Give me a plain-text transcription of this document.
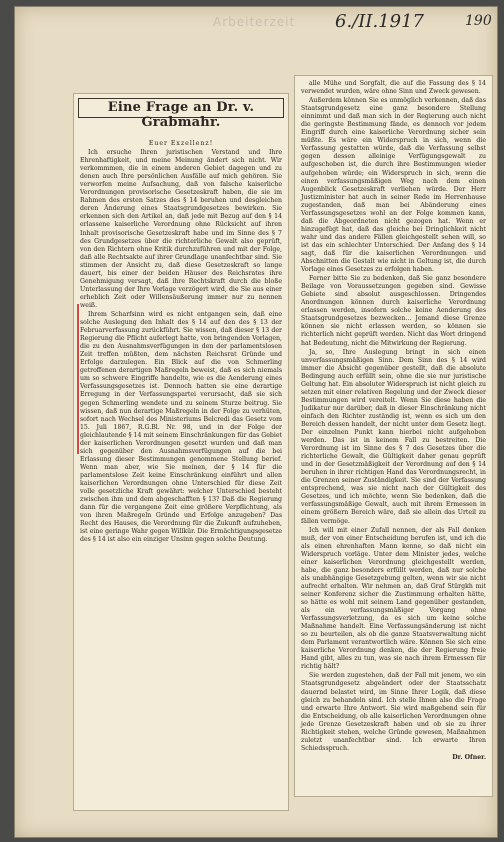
Arbeiterzeit 6./II.1917	190
Eine Frage an Dr. v. Grabmahr.

Euer Exzellenz!

Ich ersuche Ihren juristischen Verstand und Ihre Ehrenhaftigkeit, und meine Meinung ändert sich nicht. Wir verkommmen, die in einem anderen Gebiet dagegen und zu denen auch Ihre persönlichen Ausfälle auf mich gehören. Sie verworfen meine Aufsachung, daß von falsche kaiserliche Verordnungen provisorische Gesetzeskraft haben, die sie im Rahmen des ersten Satzes des § 14 beruhen und desgleichen deren Änderung eines Staatsgrundgesetzes bewirken. Sie erkennen sich den Artikel an, daß jede mit Bezug auf den § 14 erlassene kaiserliche Verordnung ohne Rücksicht auf ihren Inhalt provisorische Gesetzeskraft habe und im Sinne des § 7 des Grundgesetzes über die richterliche Gewalt also geprüft, von den Richtern ohne Kritik durchzuführen und mit der Folge, daß alle Rechtsakte auf ihrer Grundlage unanfechtbar sind. Sie stimmen der Ansicht zu, daß diese Gesetzeskraft so lange dauert, bis einer der beiden Häuser des Reichsrates ihre Genehmigung versagt, daß ihre Rechtskraft durch die bloße Unterlassung der Ihre Vorlage verzögert wird, die Sie aus einer erheblich Zeit oder Willensäußerung immer nur zu nennen weiß.

Ihrem Scharfsinn wird es nicht entgangen sein, daß eine solche Auslegung den Inhalt des § 14 auf den des § 13 der Februarverfassung zurückführt. Sie wissen, daß dieser § 13 der Regierung die Pflicht auferlegt hatte, von bringenden Vorlagen, die zu den Ausnahmsverfügungen in den der parlamentslosen Zeit treffen müßten, dem nächsten Reichsrat Gründe und Erfolge darzulegen. Ein Blick auf die von Schmerling getroffenen derartigen Maßregeln beweist, daß es sich niemals um so schwere Eingriffe handelte, wie es die Aenderung eines Verfassungsgesetzes ist. Dennoch hatten sie eine derartige Erregung in der Verfassungspartei verursacht, daß sie sich gegen Schmerling wendete und zu seinem Sturze beitrug. Sie wissen, daß nun derartige Maßregeln in der Folge zu verhüten, sofort nach Wechsel des Ministeriums Belcredi das Gesetz vom 15. Juli 1867, R.G.Bl. Nr. 98, und in der Folge der gleichlautende § 14 mit seinem Einschränkungen für das Gebiet der kaiserlichen Verordnungen gesetzt wurden und daß man sich gegenüber den Ausnahmsverfügungen auf die bei Erlassung dieser Bestimmungen genommene Stellung berief. Wenn man aber, wie Sie meinen, der § 14 für die parlamentslose Zeit keine Einschränkung einführt und allen kaiserlichen Verordnungen ohne Unterschied für diese Zeit volle gesetzliche Kraft gewährt: welcher Unterschied besteht zwischen ihm und dem abgeschafften § 13? Daß die Regierung dann für die vergangene Zeit eine größere Verpflichtung, als von ihren Maßregeln Gründe und Erfolge anzugeben? Das Recht des Hauses, die Verordnung für die Zukunft aufzuheben, ist eine geringe Wahr gegen Willkür. Die Ermächtigungsgesetze des § 14 ist also ein einziger Unsinn gegen solche Deutung.

alle Mühe und Sorgfalt, die auf die Fassung des § 14 verwendet wurden, wäre ohne Sinn und Zweck gewesen.

Außerdem können Sie es unmöglich verkennen, daß das Staatsgrundgesetz eine ganz besondere Stellung einnimmt und daß man sich in der Regierung auch nicht die geringste Bestimmung fände, es dennoch vor jedem Eingriff durch eine kaiserliche Verordnung sicher sein müßte. Es wäre ein Widerspruch in sich, wenn die Verfassung gestatten würde, daß die Verfassung selbst gegen dessen alleinige Verfügungsgewalt zu aufgeschoben ist, die durch ihre Bestimmungen wieder aufgehoben würde; ein Widerspruch in sich, wenn die einen verfassungsmäßigen Weg nach dem einen Augenblick Gesetzeskraft verliehen würde. Der Herr Justizminister hat auch in seiner Rede im Herrenhause zugestanden, daß man bei Abänderung eines Verfassungsgesetzes wohl an der Folge kommen kann, daß die Abgeordneten nicht gezogen hat. Wenn er hinzugefügt hat, daß das gleiche bei Dringlichkeit nicht wahr und das andere Fällen gleichgestellt sehen will, so ist das ein schlechter Unterschied. Der Anfang des § 14 sagt, daß für die kaiserlichen Verordnungen und Abschnitten die Gestalt wie nicht in Geltung ist, die durch Vorlage eines Gesetzes zu erfolgen haben.

Ferner bitte Sie zu bedenken, daß Sie ganz besondere Beilage von Voraussetzungen gegeben sind. Gewisse Gebiete sind absolut ausgeschlossen. Dringendes Anordnungen können durch kaiserliche Verordnung erlassen werden, insofern solche keine Aenderung des Staatsgrundgesetzes bezwecken... Jemand diese Grenze können sie nicht erlassen werden, so können sie richterlich nicht geprüft werden. Nicht das Wort dringend hat Bedeutung, nicht die Mitwirkung der Regierung.

Ja, so, Ihre Auslegung bringt in sich einen unverfassungsmäßigen Sinn. Dem Sinn des § 14 wird immer die Absicht gegenüber gestellt, daß die absolute Bedingung auch erfüllt sein, ohne die sie nur juristische Geltung hat. Ein absoluter Widerspruch ist nicht gleich zu setzen mit einer relativen Regelung und der Zweck dieser Bestimmungen wird vereitelt. Wenn Sie diese haben die Judikatur nur darüber, daß in dieser Einschränkung nicht einfach den Richter zuständig ist, wenn es sich um den Bereich dessen handelt, der nicht unter dem Gesetz liegt. Der einzelnen Punkt kann hierbei nicht aufgehoben werden. Das ist in keinem Fall zu bestreiten. Die Verordnung ist im Sinne des § 7 des Gesetzes über die richterliche Gewalt, die Gültigkeit daher genau geprüft und in der Gesetzmäßigkeit der Verordnung auf den § 14 beruhen in ihrer richtigen Hand das Verordnungsrecht, in die Grenzen seiner Zuständigkeit. Sie sind der Verfassung entsprechend, was sie nicht nach der Gültigkeit des Gesetzes, und ich möchte, wenn Sie bedenken, daß die verfassungsmäßige Gewalt, auch mit ihrem Ermessen in einem größern Bereich wäre, daß sie allein das Urteil zu fällen vermöge.

Ich will mit einer Zufall nennen, der als Fall denken muß, der von einer Entscheidung berufen ist, und ich die als einen ehrenhaften Mann kenne, so daß nicht ein Widerspruch vorläge. Unter dem Minister jedes, welche einer kaiserlichen Verordnung gleichgestellt werden, habe, die ganz besonders erfüllt werden, daß nur solche als unabhängige Gesetzgebung gelten, wenn wir sie nicht aufrecht erhalten. Wir nehmen an, daß Graf Stürgkh mit seiner Konferenz sicher die Zustimmung erhalten hätte, so hätte es wohl mit seinem Land gegenüber gestanden, als ein verfassungsmäßiger Vorgang ohne Verfassungsverletzung, da es sich um keine solche Maßnahme handelt. Eine Verfassungsänderung ist nicht so zu beurteilen, als ob die ganze Staatsverwaltung nicht dem Parlament verantwortlich wäre. Können Sie sich eine kaiserliche Verordnung denken, die der Regierung freie Hand gibt, alles zu tun, was sie nach ihrem Ermessen für richtig hält?

Sie werden zugestehen, daß der Fall mit jenem, wo ein Staatsgrundgesetz abgeändert oder der Staatsschatz dauernd belastet wird, im Sinne Ihrer Logik, daß diese gleich zu behandeln sind. Ich stelle Ihnen also die Frage und erwarte Ihre Antwort. Sie wird maßgebend sein für die Entscheidung, ob alle kaiserlichen Verordnungen ohne jede Grenze Gesetzeskraft haben und ob sie zu ihrer Richtigkeit stehen, welche Gründe gewesen, Maßnahmen zuletzt unanfechtbar sind. Ich erwarte Ihren Schiedsspruch.

Dr. Ofner.
